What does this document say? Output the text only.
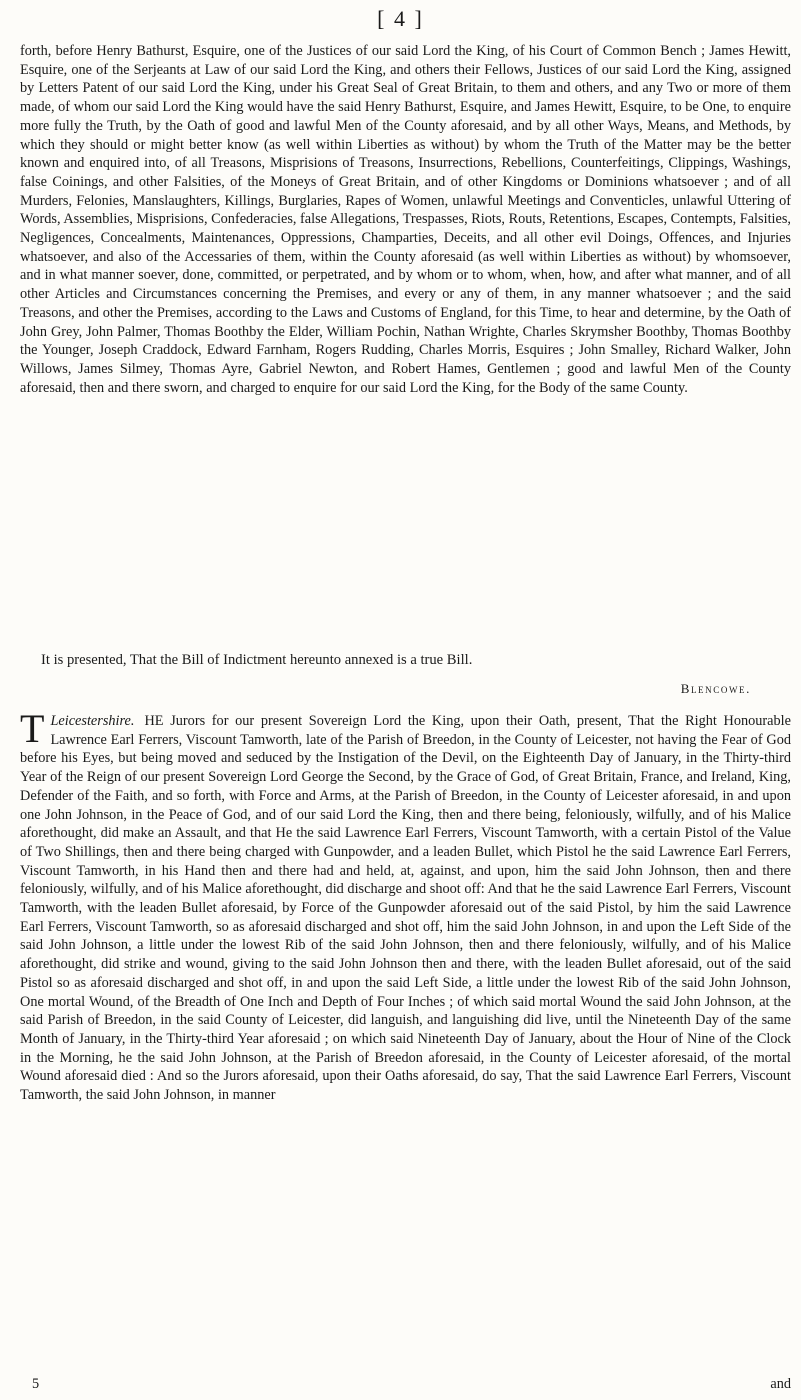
[ 4 ]

forth, before Henry Bathurst, Esquire, one of the Justices of our said Lord the King, of his Court of Common Bench ; James Hewitt, Esquire, one of the Serjeants at Law of our said Lord the King, and others their Fellows, Justices of our said Lord the King, assigned by Letters Patent of our said Lord the King, under his Great Seal of Great Britain, to them and others, and any Two or more of them made, of whom our said Lord the King would have the said Henry Bathurst, Esquire, and James Hewitt, Esquire, to be One, to enquire more fully the Truth, by the Oath of good and lawful Men of the County aforesaid, and by all other Ways, Means, and Methods, by which they should or might better know (as well within Liberties as without) by whom the Truth of the Matter may be the better known and enquired into, of all Treasons, Misprisions of Treasons, Insurrections, Rebellions, Counterfeitings, Clippings, Washings, false Coinings, and other Falsities, of the Moneys of Great Britain, and of other Kingdoms or Dominions whatsoever ; and of all Murders, Felonies, Manslaughters, Killings, Burglaries, Rapes of Women, unlawful Meetings and Conventicles, unlawful Uttering of Words, Assemblies, Misprisions, Confederacies, false Allegations, Trespasses, Riots, Routs, Retentions, Escapes, Contempts, Falsities, Negligences, Concealments, Maintenances, Oppressions, Champarties, Deceits, and all other evil Doings, Offences, and Injuries whatsoever, and also of the Accessaries of them, within the County aforesaid (as well within Liberties as without) by whomsoever, and in what manner soever, done, committed, or perpetrated, and by whom or to whom, when, how, and after what manner, and of all other Articles and Circumstances concerning the Premises, and every or any of them, in any manner whatsoever ; and the said Treasons, and other the Premises, according to the Laws and Customs of England, for this Time, to hear and determine, by the Oath of John Grey, John Palmer, Thomas Boothby the Elder, William Pochin, Nathan Wrighte, Charles Skrymsher Boothby, Thomas Boothby the Younger, Joseph Craddock, Edward Farnham, Rogers Rudding, Charles Morris, Esquires ; John Smalley, Richard Walker, John Willows, James Silmey, Thomas Ayre, Gabriel Newton, and Robert Hames, Gentlemen ; good and lawful Men of the County aforesaid, then and there sworn, and charged to enquire for our said Lord the King, for the Body of the same County.

It is presented, That the Bill of Indictment hereunto annexed is a true Bill.

Blencowe.

Leicestershire.
T	HE Jurors for our present Sovereign Lord the King, upon their Oath, present, That the Right Honourable Lawrence Earl Ferrers, Viscount Tamworth, late of the Parish of Breedon, in the County of Leicester, not having the Fear of God before his Eyes, but being moved and seduced by the Instigation of the Devil, on the Eighteenth Day of January, in the Thirty-third Year of the Reign of our present Sovereign Lord George the Second, by the Grace of God, of Great Britain, France, and Ireland, King, Defender of the Faith, and so forth, with Force and Arms, at the Parish of Breedon, in the County of Leicester aforesaid, in and upon one John Johnson, in the Peace of God, and of our said Lord the King, then and there being, feloniously, wilfully, and of his Malice aforethought, did make an Assault, and that He the said Lawrence Earl Ferrers, Viscount Tamworth, with a certain Pistol of the Value of Two Shillings, then and there being charged with Gunpowder, and a leaden Bullet, which Pistol he the said Lawrence Earl Ferrers, Viscount Tamworth, in his Hand then and there had and held, at, against, and upon, him the said John Johnson, then and there feloniously, wilfully, and of his Malice aforethought, did discharge and shoot off: And that he the said Lawrence Earl Ferrers, Viscount Tamworth, with the leaden Bullet aforesaid, by Force of the Gunpowder aforesaid out of the said Pistol, by him the said Lawrence Earl Ferrers, Viscount Tamworth, so as aforesaid discharged and shot off, him the said John Johnson, in and upon the Left Side of the said John Johnson, a little under the lowest Rib of the said John Johnson, then and there feloniously, wilfully, and of his Malice aforethought, did strike and wound, giving to the said John Johnson then and there, with the leaden Bullet aforesaid, out of the said Pistol so as aforesaid discharged and shot off, in and upon the said Left Side, a little under the lowest Rib of the said John Johnson, One mortal Wound, of the Breadth of One Inch and Depth of Four Inches ; of which said mortal Wound the said John Johnson, at the said Parish of Breedon, in the said County of Leicester, did languish, and languishing did live, until the Nineteenth Day of the same Month of January, in the Thirty-third Year aforesaid ; on which said Nineteenth Day of January, about the Hour of Nine of the Clock in the Morning, he the said John Johnson, at the Parish of Breedon aforesaid, in the County of Leicester aforesaid, of the mortal Wound aforesaid died : And so the Jurors aforesaid, upon their Oaths aforesaid, do say, That the said Lawrence Earl Ferrers, Viscount Tamworth, the said John Johnson, in manner

5	and
